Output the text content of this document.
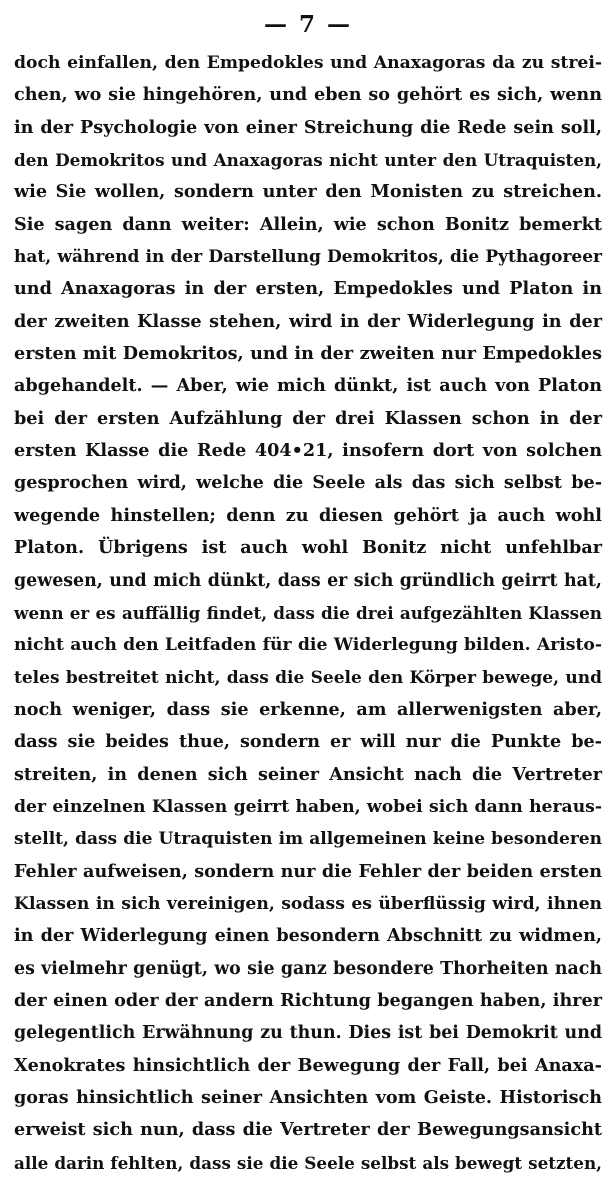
— 7 —
doch einfallen, den Empedokles und Anaxagoras da zu strei-
chen, wo sie hingehören, und eben so gehört es sich, wenn
in der Psychologie von einer Streichung die Rede sein soll,
den Demokritos und Anaxagoras nicht unter den Utraquisten,
wie Sie wollen, sondern unter den Monisten zu streichen.
Sie sagen dann weiter: Allein, wie schon Bonitz bemerkt
hat, während in der Darstellung Demokritos, die Pythagoreer
und Anaxagoras in der ersten, Empedokles und Platon in
der zweiten Klasse stehen, wird in der Widerlegung in der
ersten mit Demokritos, und in der zweiten nur Empedokles
abgehandelt. — Aber, wie mich dünkt, ist auch von Platon
bei der ersten Aufzählung der drei Klassen schon in der
ersten Klasse die Rede 404•21, insofern dort von solchen
gesprochen wird, welche die Seele als das sich selbst be-
wegende hinstellen; denn zu diesen gehört ja auch wohl
Platon. Übrigens ist auch wohl Bonitz nicht unfehlbar
gewesen, und mich dünkt, dass er sich gründlich geirrt hat,
wenn er es auffällig findet, dass die drei aufgezählten Klassen
nicht auch den Leitfaden für die Widerlegung bilden. Aristo-
teles bestreitet nicht, dass die Seele den Körper bewege, und
noch weniger, dass sie erkenne, am allerwenigsten aber,
dass sie beides thue, sondern er will nur die Punkte be-
streiten, in denen sich seiner Ansicht nach die Vertreter
der einzelnen Klassen geirrt haben, wobei sich dann heraus-
stellt, dass die Utraquisten im allgemeinen keine besonderen
Fehler aufweisen, sondern nur die Fehler der beiden ersten
Klassen in sich vereinigen, sodass es überflüssig wird, ihnen
in der Widerlegung einen besondern Abschnitt zu widmen,
es vielmehr genügt, wo sie ganz besondere Thorheiten nach
der einen oder der andern Richtung begangen haben, ihrer
gelegentlich Erwähnung zu thun. Dies ist bei Demokrit und
Xenokrates hinsichtlich der Bewegung der Fall, bei Anaxa-
goras hinsichtlich seiner Ansichten vom Geiste. Historisch
erweist sich nun, dass die Vertreter der Bewegungsansicht
alle darin fehlten, dass sie die Seele selbst als bewegt setzten,
